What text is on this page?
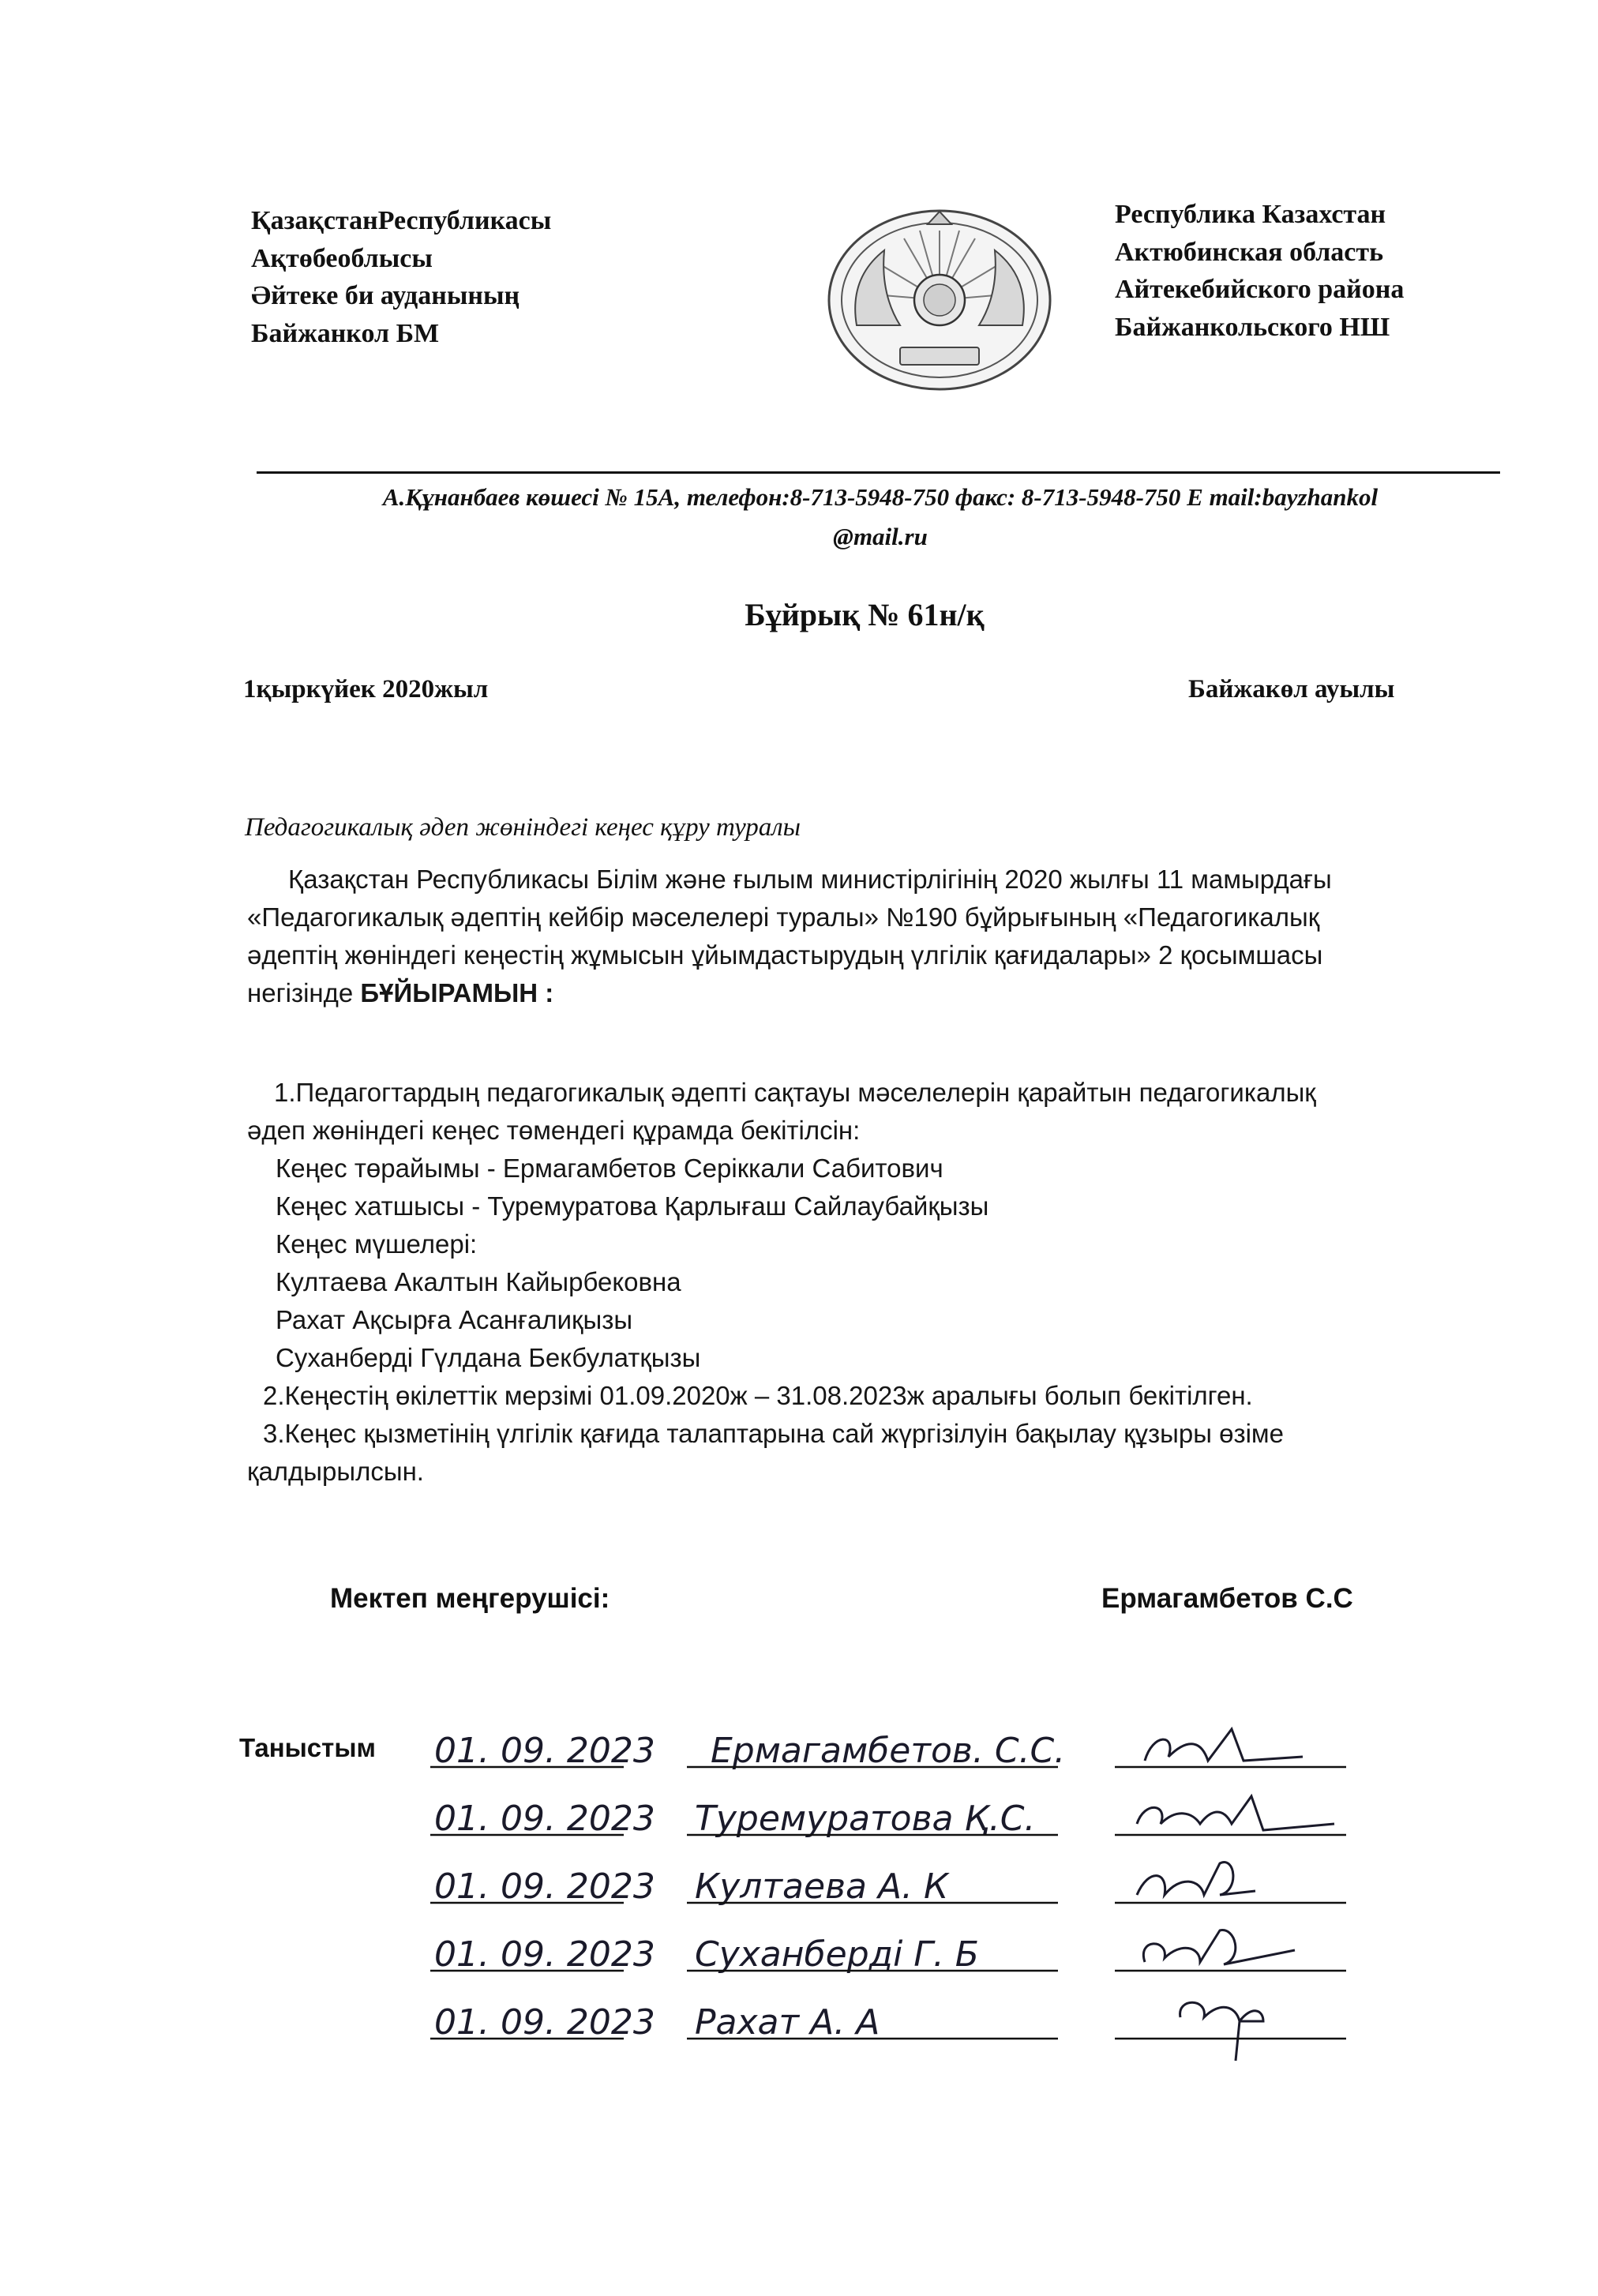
ҚазақстанРеспубликасы
Ақтөбеоблысы
Әйтеке би ауданының
Байжанкол БМ
Республика Казахстан
Актюбинская область
Айтекебийского района
Байжанкольского НШ
А.Құнанбаев көшесі № 15А, телефон:8-713-5948-750 факс: 8-713-5948-750 E mail:bayzhankol
@mail.ru
Бұйрық № 61н/қ
1қыркүйек 2020жыл	Байжакөл ауылы
Педагогикалық әдеп жөніндегі кеңес құру туралы
Қазақстан Республикасы Білім және ғылым министірлігінің 2020 жылғы 11 мамырдағы
«Педагогикалық әдептің кейбір мәселелері туралы» №190 бұйрығының «Педагогикалық
әдептің жөніндегі кеңестің жұмысын ұйымдастырудың үлгілік қағидалары» 2 қосымшасы
негізінде БҰЙЫРАМЫН :
1.Педагогтардың педагогикалық әдепті сақтауы мәселелерін қарайтын педагогикалық
әдеп жөніндегі кеңес төмендегі құрамда бекітілсін:
Кеңес төрайымы - Ермагамбетов Серіккали Сабитович
Кеңес хатшысы - Туремуратова Қарлығаш Сайлаубайқызы
Кеңес мүшелері:
Култаева Акалтын Кайырбековна
Рахат Ақсырға Асанғалиқызы
Суханберді Гүлдана Бекбулатқызы
2.Кеңестің өкілеттік мерзімі 01.09.2020ж – 31.08.2023ж аралығы болып бекітілген.
3.Кеңес қызметінің үлгілік қағида талаптарына сай жүргізілуін бақылау құзыры өзіме
қалдырылсын.
Мектеп меңгерушісі:	Ермагамбетов С.С
Таныстым 01. 09. 2023 Ермагамбетов. С.С.
01. 09. 2023 Туремуратова Қ.С.
01. 09. 2023 Култаева А. К
01. 09. 2023 Суханберді Г. Б
01. 09. 2023 Рахат А. А
